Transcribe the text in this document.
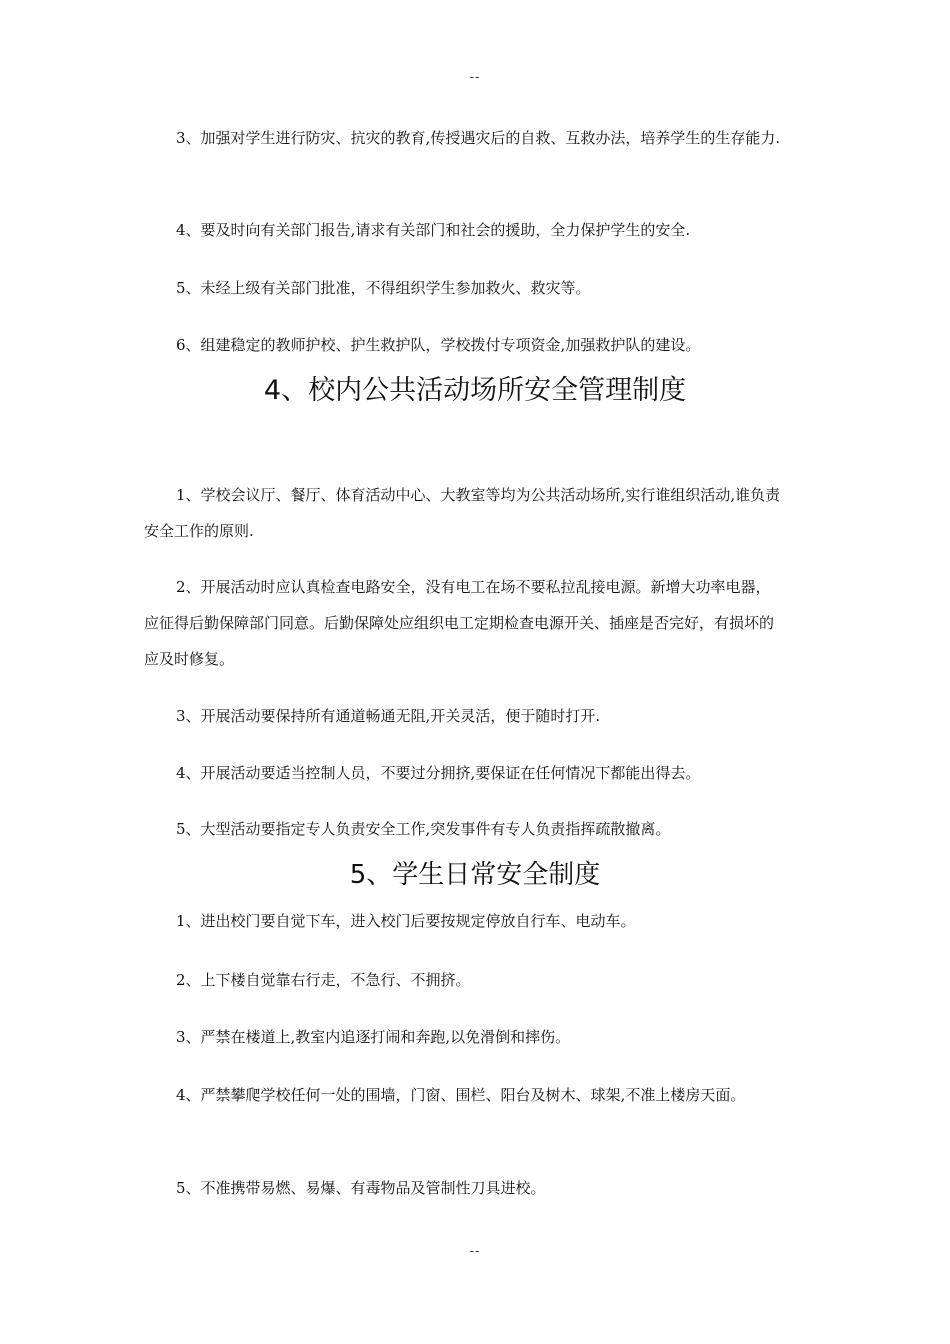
--

3、加强对学生进行防灾、抗灾的教育,传授遇灾后的自救、互救办法，培养学生的生存能力.

4、要及时向有关部门报告,请求有关部门和社会的援助，全力保护学生的安全.

5、未经上级有关部门批准，不得组织学生参加救火、救灾等。

6、组建稳定的教师护校、护生救护队，学校拨付专项资金,加强救护队的建设。

4、校内公共活动场所安全管理制度

1、学校会议厅、餐厅、体育活动中心、大教室等均为公共活动场所,实行谁组织活动,谁负责安全工作的原则.

2、开展活动时应认真检查电路安全，没有电工在场不要私拉乱接电源。新增大功率电器，应征得后勤保障部门同意。后勤保障处应组织电工定期检查电源开关、插座是否完好，有损坏的应及时修复。

3、开展活动要保持所有通道畅通无阻,开关灵活，便于随时打开.

4、开展活动要适当控制人员，不要过分拥挤,要保证在任何情况下都能出得去。

5、大型活动要指定专人负责安全工作,突发事件有专人负责指挥疏散撤离。

5、学生日常安全制度

1、进出校门要自觉下车，进入校门后要按规定停放自行车、电动车。

2、上下楼自觉靠右行走，不急行、不拥挤。

3、严禁在楼道上,教室内追逐打闹和奔跑,以免滑倒和摔伤。

4、严禁攀爬学校任何一处的围墙，门窗、围栏、阳台及树木、球架,不准上楼房天面。

5、不准携带易燃、易爆、有毒物品及管制性刀具进校。

--
